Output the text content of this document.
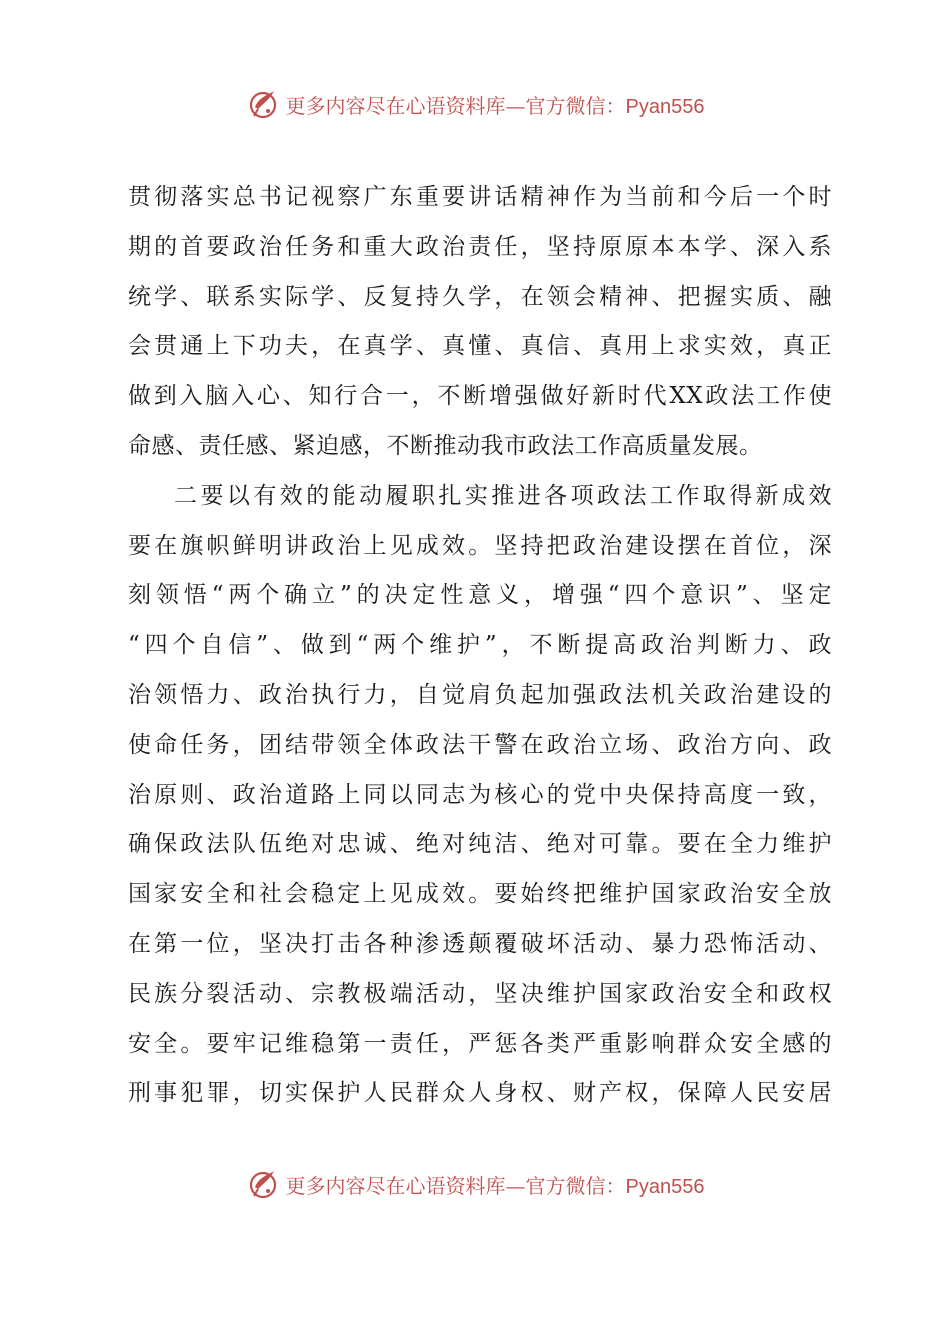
更多内容尽在心语资料库 — 官方微信： Pyan556
贯彻落实总书记视察广东重要讲话精神作为当前和今后一个时
期的首要政治任务和重大政治责任，坚持原原本本学、深入系
统学、联系实际学、反复持久学，在领会精神、把握实质、融
会贯通上下功夫，在真学、真懂、真信、真用上求实效，真正
做到入脑入心、知行合一，不断增强做好新时代XX政法工作使
命感、责任感、紧迫感，不断推动我市政法工作高质量发展。
二要以有效的能动履职扎实推进各项政法工作取得新成效
要在旗帜鲜明讲政治上见成效。坚持把政治建设摆在首位，深
刻领悟“两个确立”的决定性意义，增强“四个意识”、坚定
“四个自信”、做到“两个维护”，不断提高政治判断力、政
治领悟力、政治执行力，自觉肩负起加强政法机关政治建设的
使命任务，团结带领全体政法干警在政治立场、政治方向、政
治原则、政治道路上同以同志为核心的党中央保持高度一致，
确保政法队伍绝对忠诚、绝对纯洁、绝对可靠。要在全力维护
国家安全和社会稳定上见成效。要始终把维护国家政治安全放
在第一位，坚决打击各种渗透颠覆破坏活动、暴力恐怖活动、
民族分裂活动、宗教极端活动，坚决维护国家政治安全和政权
安全。要牢记维稳第一责任，严惩各类严重影响群众安全感的
刑事犯罪，切实保护人民群众人身权、财产权，保障人民安居
更多内容尽在心语资料库 — 官方微信： Pyan556
